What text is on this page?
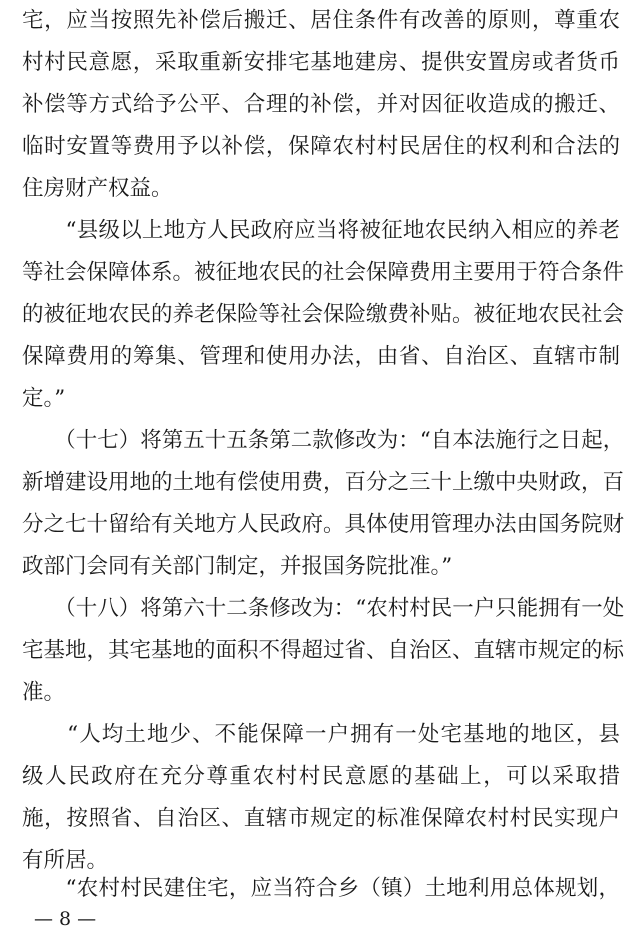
宅，应当按照先补偿后搬迁、居住条件有改善的原则，尊重农
村村民意愿，采取重新安排宅基地建房、提供安置房或者货币
补偿等方式给予公平、合理的补偿，并对因征收造成的搬迁、
临时安置等费用予以补偿，保障农村村民居住的权利和合法的
住房财产权益。
　　“县级以上地方人民政府应当将被征地农民纳入相应的养老
等社会保障体系。被征地农民的社会保障费用主要用于符合条件
的被征地农民的养老保险等社会保险缴费补贴。被征地农民社会
保障费用的筹集、管理和使用办法，由省、自治区、直辖市制
定。”
　　（十七）将第五十五条第二款修改为：“自本法施行之日起，
新增建设用地的土地有偿使用费，百分之三十上缴中央财政，百
分之七十留给有关地方人民政府。具体使用管理办法由国务院财
政部门会同有关部门制定，并报国务院批准。”
　　（十八）将第六十二条修改为：“农村村民一户只能拥有一处
宅基地，其宅基地的面积不得超过省、自治区、直辖市规定的标
准。
　　“人均土地少、不能保障一户拥有一处宅基地的地区，县
级人民政府在充分尊重农村村民意愿的基础上，可以采取措
施，按照省、自治区、直辖市规定的标准保障农村村民实现户
有所居。
　　“农村村民建住宅，应当符合乡（镇）土地利用总体规划，
— 8 —
